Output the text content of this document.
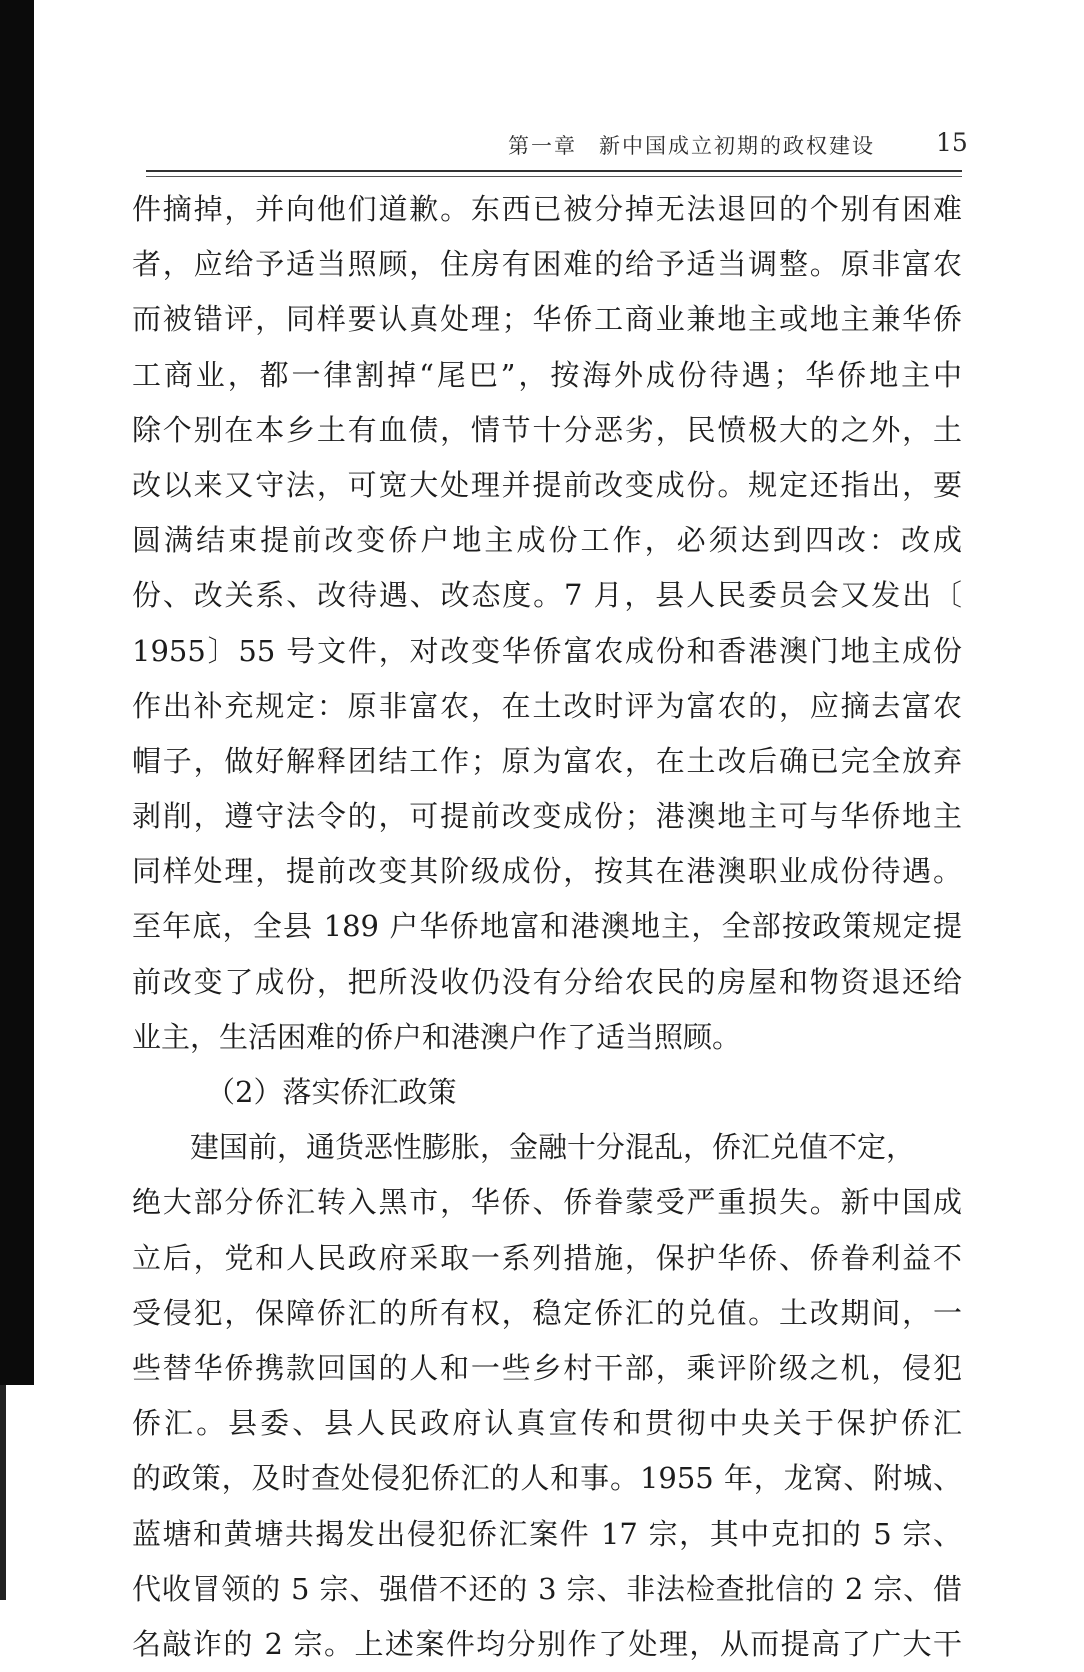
第一章 新中国成立初期的政权建设 15
件摘掉，并向他们道歉。东西已被分掉无法退回的个别有困难
者，应给予适当照顾，住房有困难的给予适当调整。原非富农
而被错评，同样要认真处理；华侨工商业兼地主或地主兼华侨
工商业，都一律割掉“尾巴”，按海外成份待遇；华侨地主中
除个别在本乡土有血债，情节十分恶劣，民愤极大的之外，土
改以来又守法，可宽大处理并提前改变成份。规定还指出，要
圆满结束提前改变侨户地主成份工作，必须达到四改：改成
份、改关系、改待遇、改态度。7 月，县人民委员会又发出〔
1955〕55 号文件，对改变华侨富农成份和香港澳门地主成份
作出补充规定：原非富农，在土改时评为富农的，应摘去富农
帽子，做好解释团结工作；原为富农，在土改后确已完全放弃
剥削，遵守法令的，可提前改变成份；港澳地主可与华侨地主
同样处理，提前改变其阶级成份，按其在港澳职业成份待遇。
至年底，全县 189 户华侨地富和港澳地主，全部按政策规定提
前改变了成份，把所没收仍没有分给农民的房屋和物资退还给
业主，生活困难的侨户和港澳户作了适当照顾。
（2）落实侨汇政策
建国前，通货恶性膨胀，金融十分混乱，侨汇兑值不定，
绝大部分侨汇转入黑市，华侨、侨眷蒙受严重损失。新中国成
立后，党和人民政府采取一系列措施，保护华侨、侨眷利益不
受侵犯，保障侨汇的所有权，稳定侨汇的兑值。土改期间，一
些替华侨携款回国的人和一些乡村干部，乘评阶级之机，侵犯
侨汇。县委、县人民政府认真宣传和贯彻中央关于保护侨汇
的政策，及时查处侵犯侨汇的人和事。1955 年，龙窝、附城、
蓝塘和黄塘共揭发出侵犯侨汇案件 17 宗，其中克扣的 5 宗、
代收冒领的 5 宗、强借不还的 3 宗、非法检查批信的 2 宗、借
名敲诈的 2 宗。上述案件均分别作了处理，从而提高了广大干
